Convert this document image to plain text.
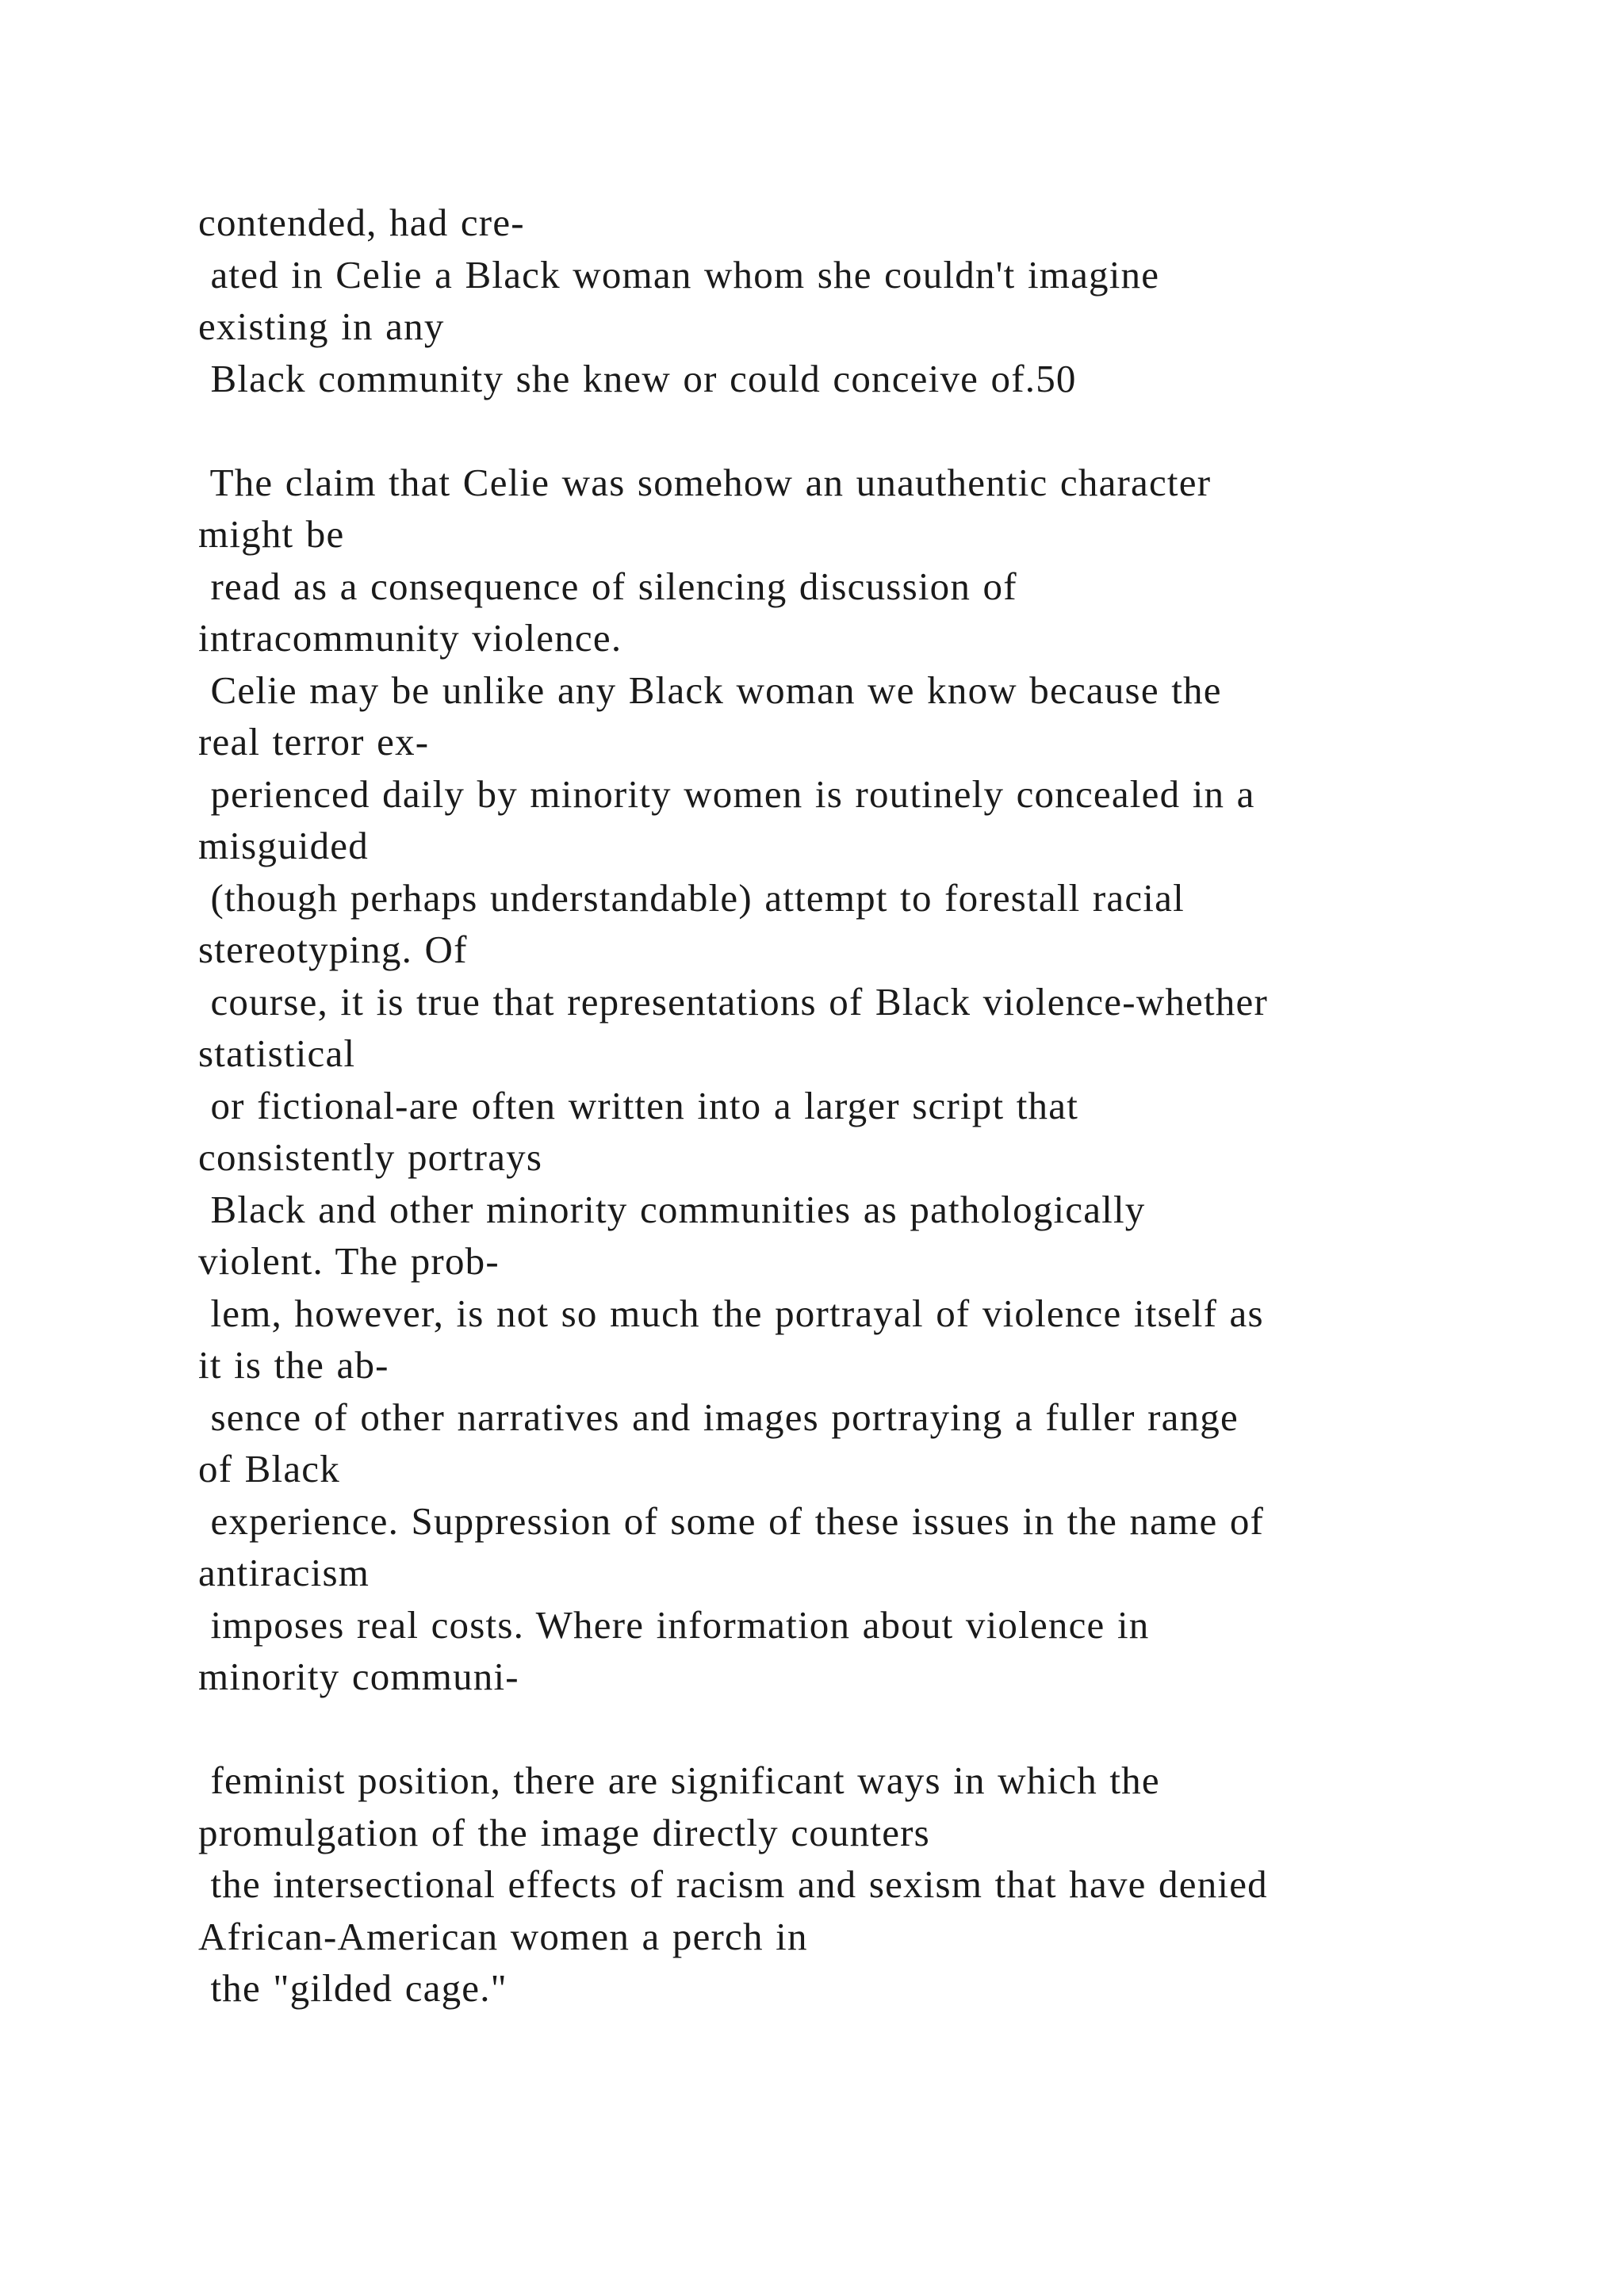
contended, had cre-
ated in Celie a Black woman whom she couldn't imagine
existing in any
Black community she knew or could conceive of.50
The claim that Celie was somehow an unauthentic character
might be
read as a consequence of silencing discussion of
intracommunity violence.
Celie may be unlike any Black woman we know because the
real terror ex-
perienced daily by minority women is routinely concealed in a
misguided
(though perhaps understandable) attempt to forestall racial
stereotyping. Of
course, it is true that representations of Black violence-whether
statistical
or fictional-are often written into a larger script that
consistently portrays
Black and other minority communities as pathologically
violent. The prob-
lem, however, is not so much the portrayal of violence itself as
it is the ab-
sence of other narratives and images portraying a fuller range
of Black
experience. Suppression of some of these issues in the name of
antiracism
imposes real costs. Where information about violence in
minority communi-
feminist position, there are significant ways in which the
promulgation of the image directly counters
the intersectional effects of racism and sexism that have denied
African-American women a perch in
the "gilded cage."
